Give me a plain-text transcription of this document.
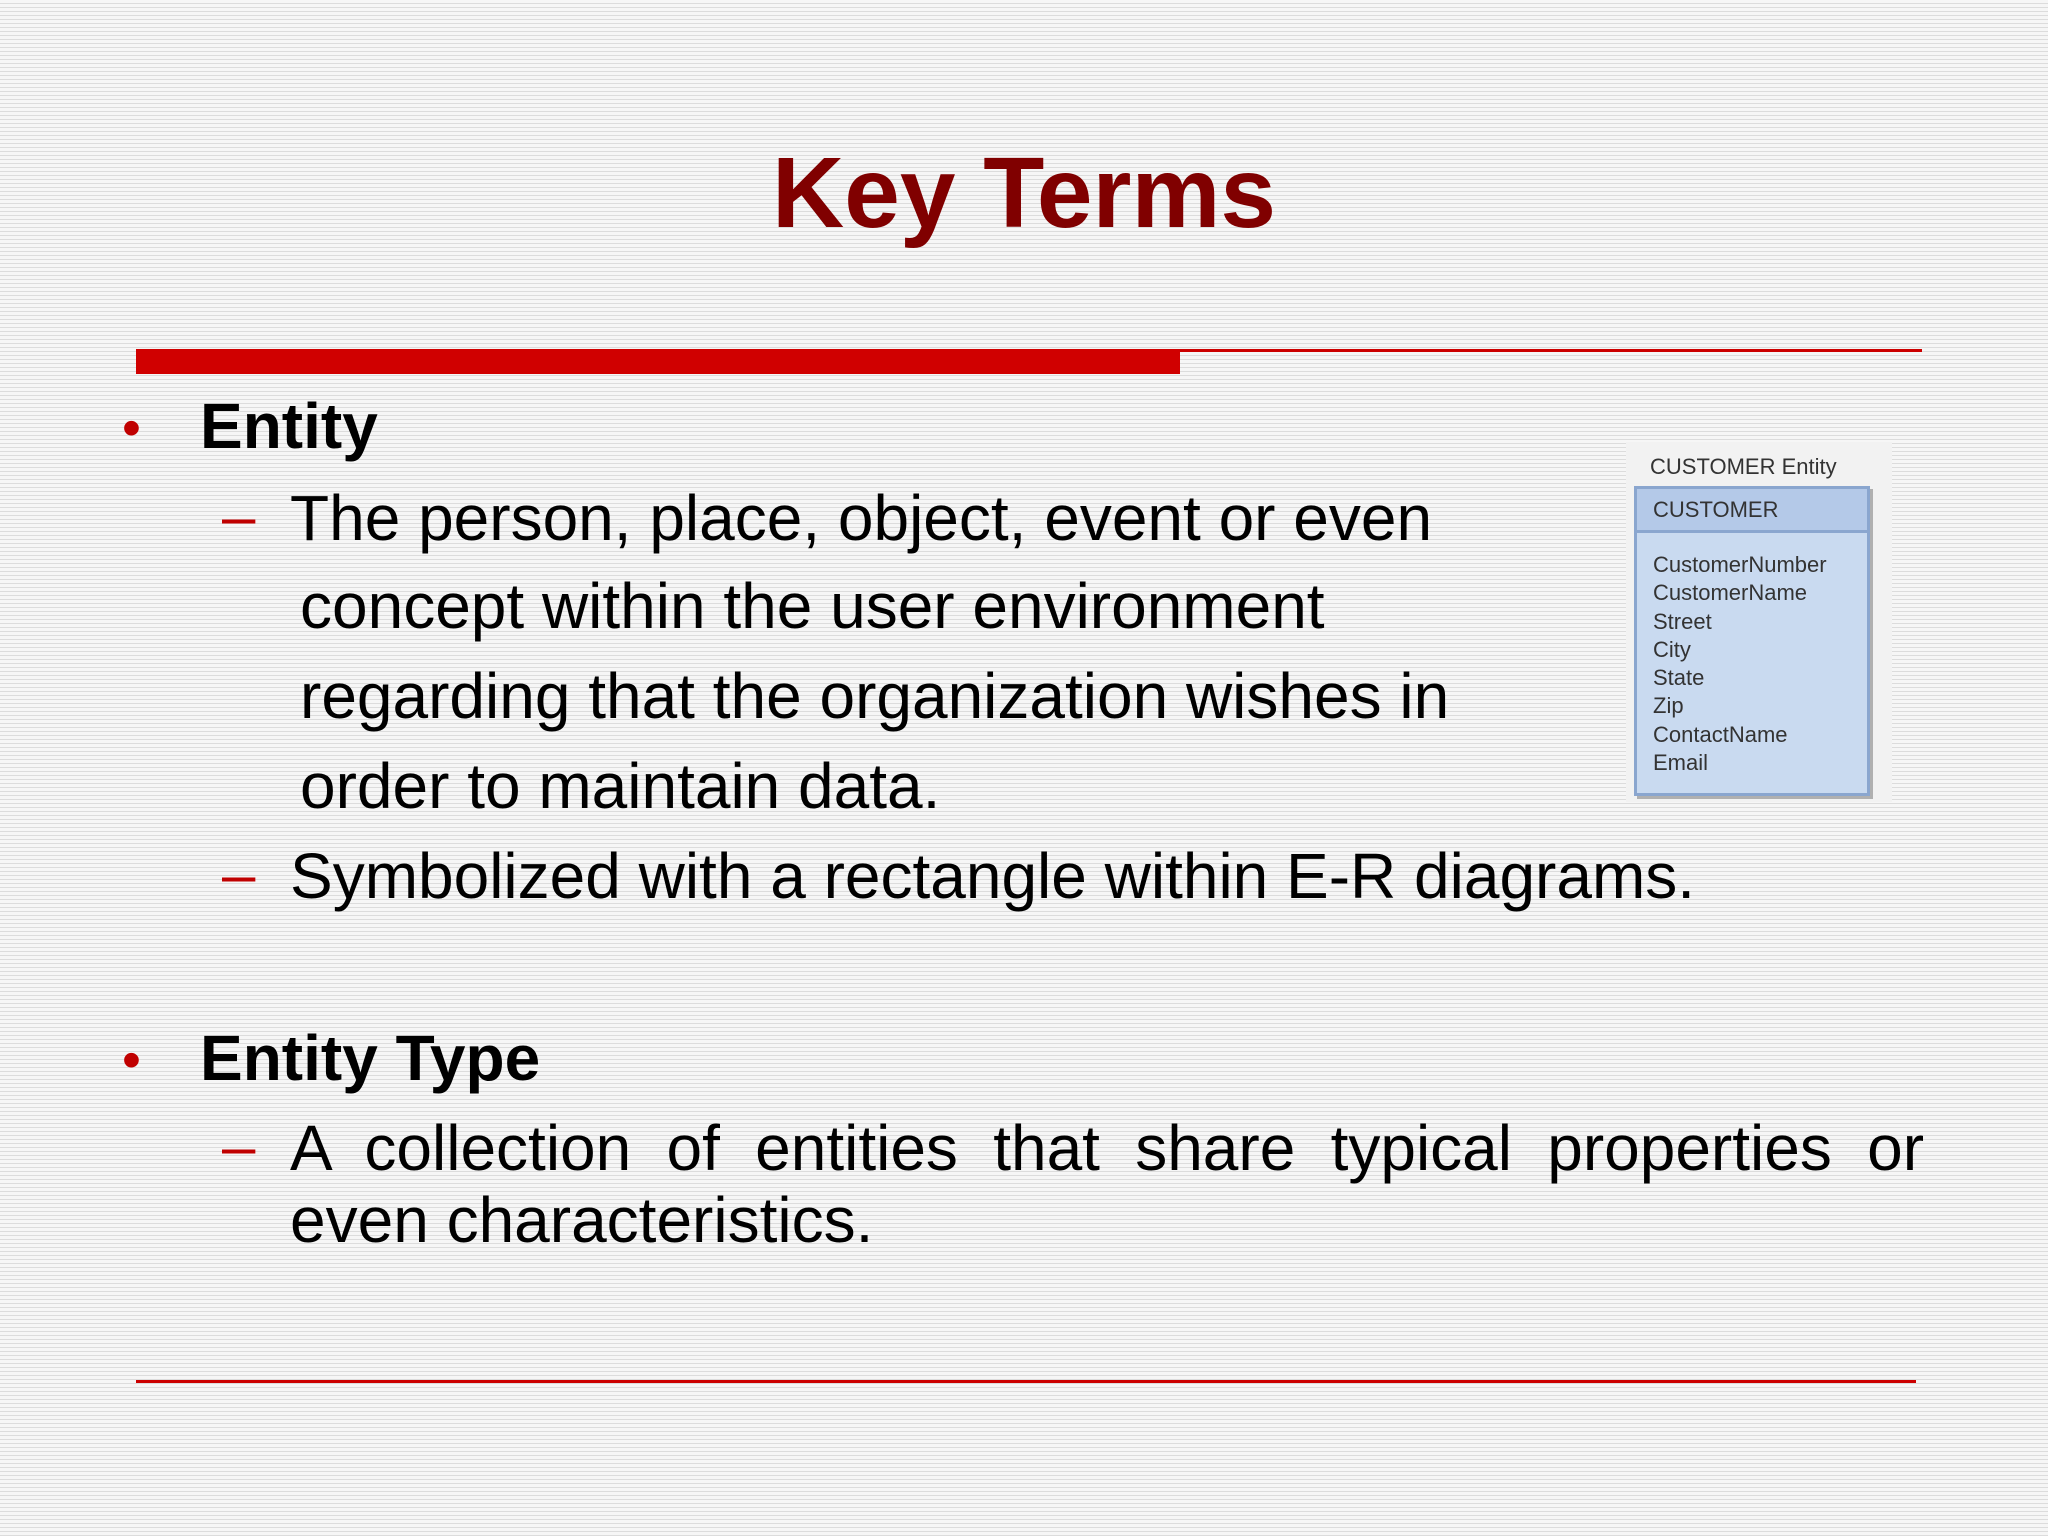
Key Terms
• Entity
– The person, place, object, event or even
concept within the user environment
regarding that the organization wishes in
order to maintain data.
– Symbolized with a rectangle within E-R diagrams.
• Entity Type
– A collection of entities that share typical properties or
even characteristics.
CUSTOMER Entity
CUSTOMER
CustomerNumber
CustomerName
Street
City
State
Zip
ContactName
Email
